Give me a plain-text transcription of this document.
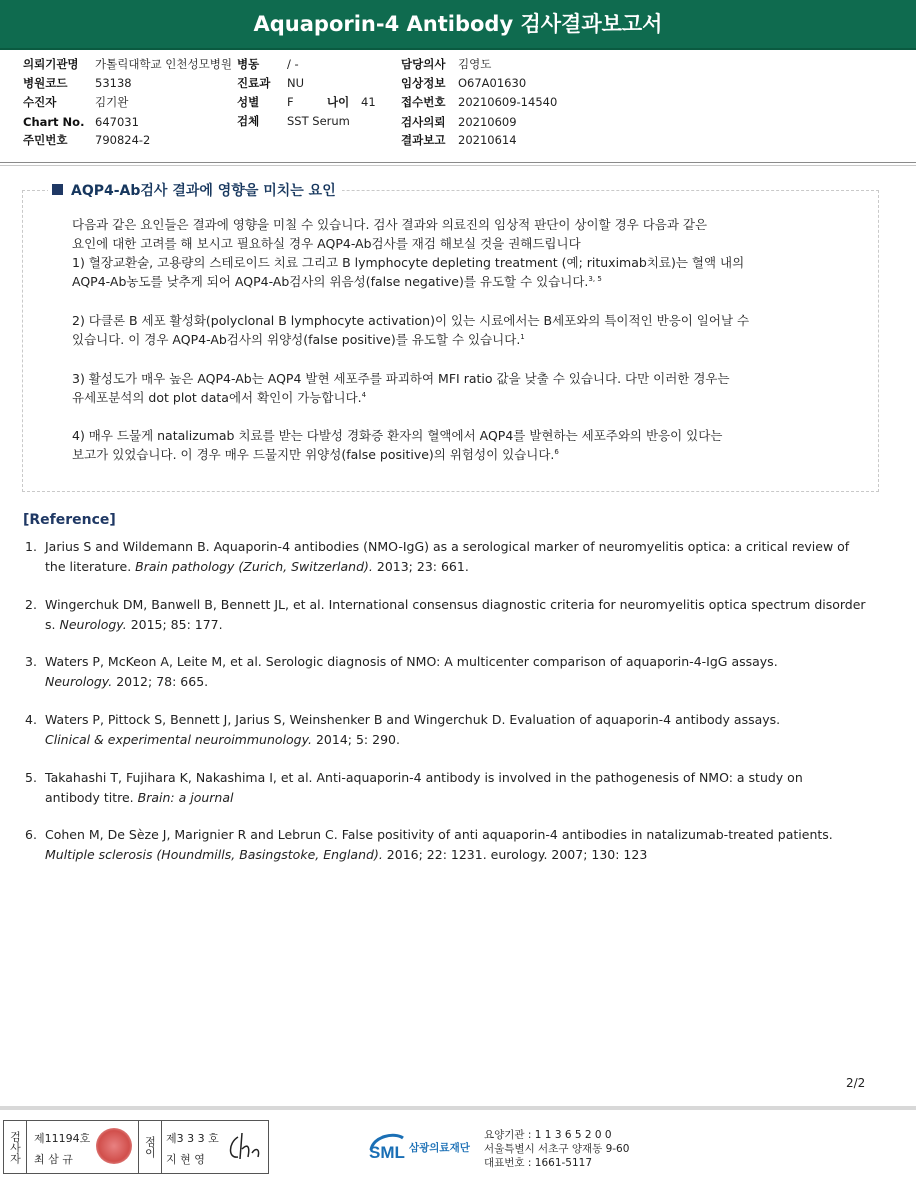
Aquaporin-4 Antibody 검사결과보고서
의뢰기관명 가톨릭대학교 인천성모병원 병동 / -	담당의사 김영도
병원코드 53138	진료과 NU	임상정보 O67A01630
수진자	김기완	성별 F	나이 41 접수번호 20210609-14540
Chart No. 647031	검체 SST Serum	검사의뢰 20210609
주민번호 790824-2	결과보고 20210614
AQP4-Ab검사 결과에 영향을 미치는 요인
다음과 같은 요인들은 결과에 영향을 미칠 수 있습니다. 검사 결과와 의료진의 임상적 판단이 상이할 경우 다음과 같은
요인에 대한 고려를 해 보시고 필요하실 경우 AQP4-Ab검사를 재검 해보실 것을 권해드립니다
1) 혈장교환술, 고용량의 스테로이드 치료 그리고 B lymphocyte depleting treatment (예; rituximab치료)는 혈액 내의
AQP4-Ab농도를 낮추게 되어 AQP4-Ab검사의 위음성(false negative)를 유도할 수 있습니다.$^{3, 5}$
2) 다클론 B 세포 활성화(polyclonal B lymphocyte activation)이 있는 시료에서는 B세포와의 특이적인 반응이 일어날 수
있습니다. 이 경우 AQP4-Ab검사의 위양성(false positive)를 유도할 수 있습니다.$^1$
3) 활성도가 매우 높은 AQP4-Ab는 AQP4 발현 세포주를 파괴하여 MFI ratio 값을 낮출 수 있습니다. 다만 이러한 경우는
유세포분석의 dot plot data에서 확인이 가능합니다.$^4$
4) 매우 드물게 natalizumab 치료를 받는 다발성 경화증 환자의 혈액에서 AQP4를 발현하는 세포주와의 반응이 있다는
보고가 있었습니다. 이 경우 매우 드물지만 위양성(false positive)의 위험성이 있습니다.$^6$
[Reference]
1. Jarius S and Wildemann B. Aquaporin-4 antibodies (NMO-IgG) as a serological marker of neuromyelitis optica: a critical review of
the literature. Brain pathology (Zurich, Switzerland). 2013; 23: 661.
2. Wingerchuk DM, Banwell B, Bennett JL, et al. International consensus diagnostic criteria for neuromyelitis optica spectrum disorder
s. Neurology. 2015; 85: 177.
3. Waters P, McKeon A, Leite M, et al. Serologic diagnosis of NMO: A multicenter comparison of aquaporin-4-IgG assays.
Neurology. 2012; 78: 665.
4. Waters P, Pittock S, Bennett J, Jarius S, Weinshenker B and Wingerchuk D. Evaluation of aquaporin-4 antibody assays.
Clinical & experimental neuroimmunology. 2014; 5: 290.
5. Takahashi T, Fujihara K, Nakashima I, et al. Anti-aquaporin-4 antibody is involved in the pathogenesis of NMO: a study on
antibody titre. Brain: a journal
6. Cohen M, De Sèze J, Marignier R and Lebrun C. False positivity of anti aquaporin-4 antibodies in natalizumab-treated patients.
Multiple sclerosis (Houndmills, Basingstoke, England). 2016; 22: 1231. eurology. 2007; 130: 123
2/2
검사자 제11194호
최 삼 규
점이 제3 3 3 호
지 현 영	SML 삼광의료재단
요양기관 : 1 1 3 6 5 2 0 0
서울특별시 서초구 양재동 9-60
대표번호 : 1661-5117
